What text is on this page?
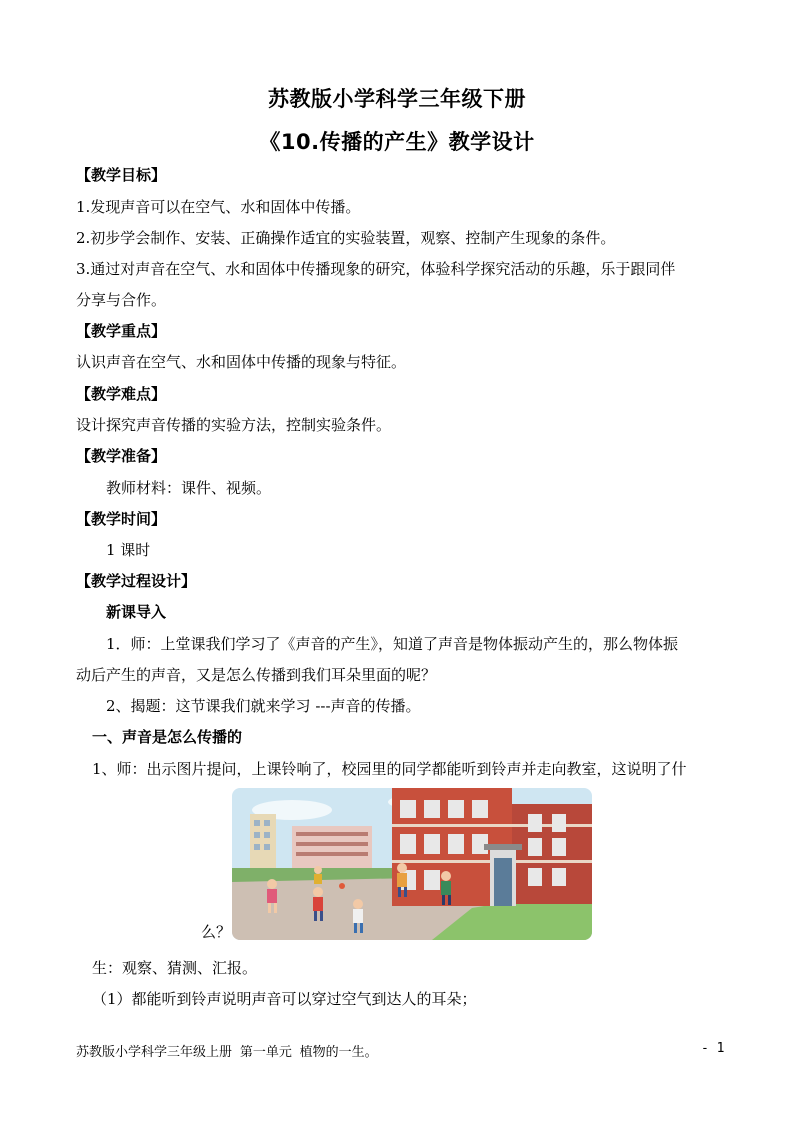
苏教版小学科学三年级下册
《10.传播的产生》教学设计
【教学目标】
1.发现声音可以在空气、水和固体中传播。
2.初步学会制作、安装、正确操作适宜的实验装置，观察、控制产生现象的条件。
3.通过对声音在空气、水和固体中传播现象的研究，体验科学探究活动的乐趣，乐于跟同伴
分享与合作。
【教学重点】
认识声音在空气、水和固体中传播的现象与特征。
【教学难点】
设计探究声音传播的实验方法，控制实验条件。
【教学准备】
教师材料：课件、视频。
【教学时间】
1 课时
【教学过程设计】
新课导入
1．师：上堂课我们学习了《声音的产生》，知道了声音是物体振动产生的，那么物体振
动后产生的声音，又是怎么传播到我们耳朵里面的呢？
2、揭题：这节课我们就来学习 ---声音的传播。
一、声音是怎么传播的
1、师：出示图片提问，上课铃响了，校园里的同学都能听到铃声并走向教室，这说明了什
么？
生：观察、猜测、汇报。
（1）都能听到铃声说明声音可以穿过空气到达人的耳朵；
苏教版小学科学三年级上册 第一单元 植物的一生。	- 1
